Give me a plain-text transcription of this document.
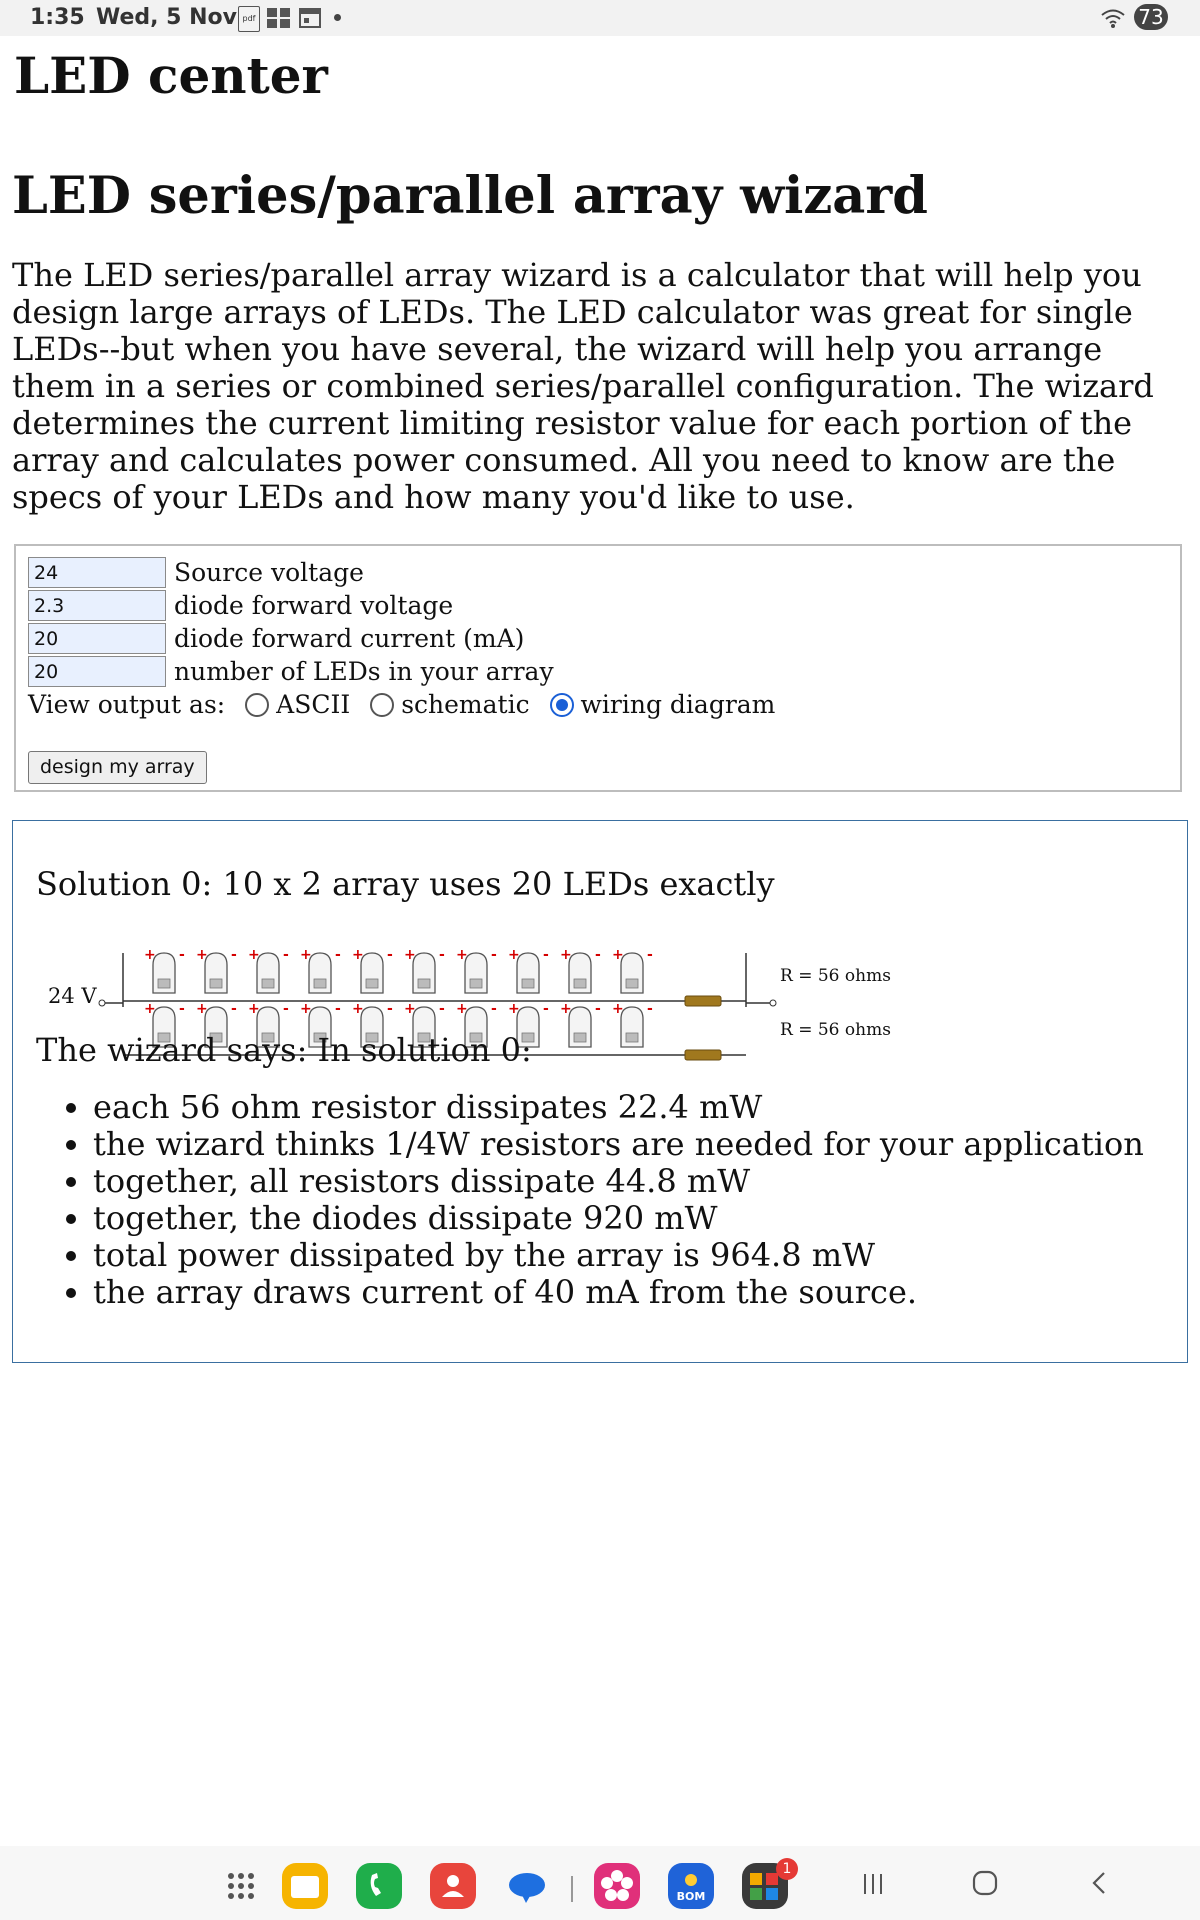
1:35 Wed, 5 Nov pdf	73
LED center
LED series/parallel array wizard

The LED series/parallel array wizard is a calculator that will help you design large arrays of LEDs. The LED calculator was great for single LEDs--but when you have several, the wizard will help you arrange them in a series or combined series/parallel configuration. The wizard determines the current limiting resistor value for each portion of the array and calculates power consumed. All you need to know are the specs of your LEDs and how many you'd like to use.

24
Source voltage
2.3
diode forward voltage
20
diode forward current (mA)
20
number of LEDs in your array
View output as: ASCII schematic wiring diagram
design my array
Solution 0: 10 x 2 array uses 20 LEDs exactly
24 V
+ - + - + - + - + - + - + - + - + - + -
+ - + - + - + - + - + - + - + - + - + -
R = 56 ohms
R = 56 ohms
The wizard says: In solution 0:
• each 56 ohm resistor dissipates 22.4 mW
• the wizard thinks 1/4W resistors are needed for your application
• together, all resistors dissipate 44.8 mW
• together, the diodes dissipate 920 mW
• total power dissipated by the array is 964.8 mW
• the array draws current of 40 mA from the source.
BOM
1
